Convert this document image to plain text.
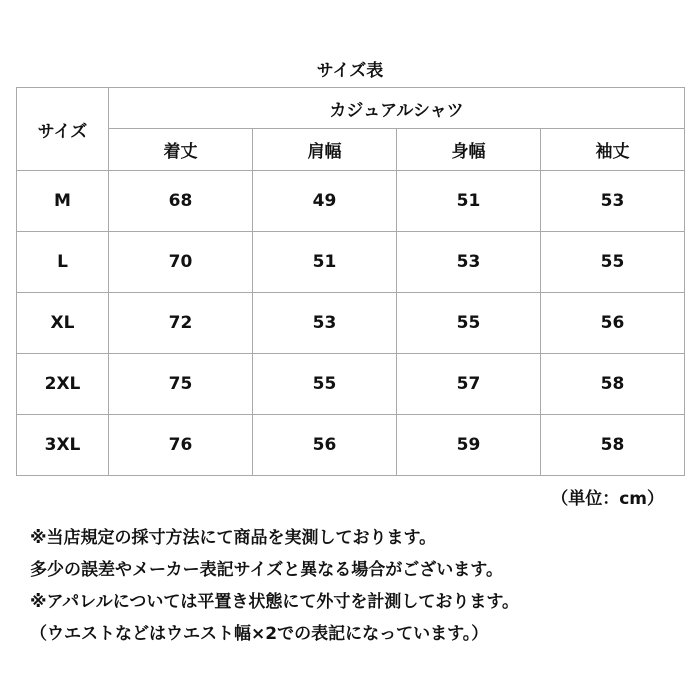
サイズ表
サイズ	カジュアルシャツ			
	着丈	肩幅	身幅	袖丈
M	68	49	51	53
L	70	51	53	55
XL	72	53	55	56
2XL	75	55	57	58
3XL	76	56	59	58
（単位：cm）
※当店規定の採寸方法にて商品を実測しております。
多少の誤差やメーカー表記サイズと異なる場合がございます。
※アパレルについては平置き状態にて外寸を計測しております。
（ウエストなどはウエスト幅×2での表記になっています。）
